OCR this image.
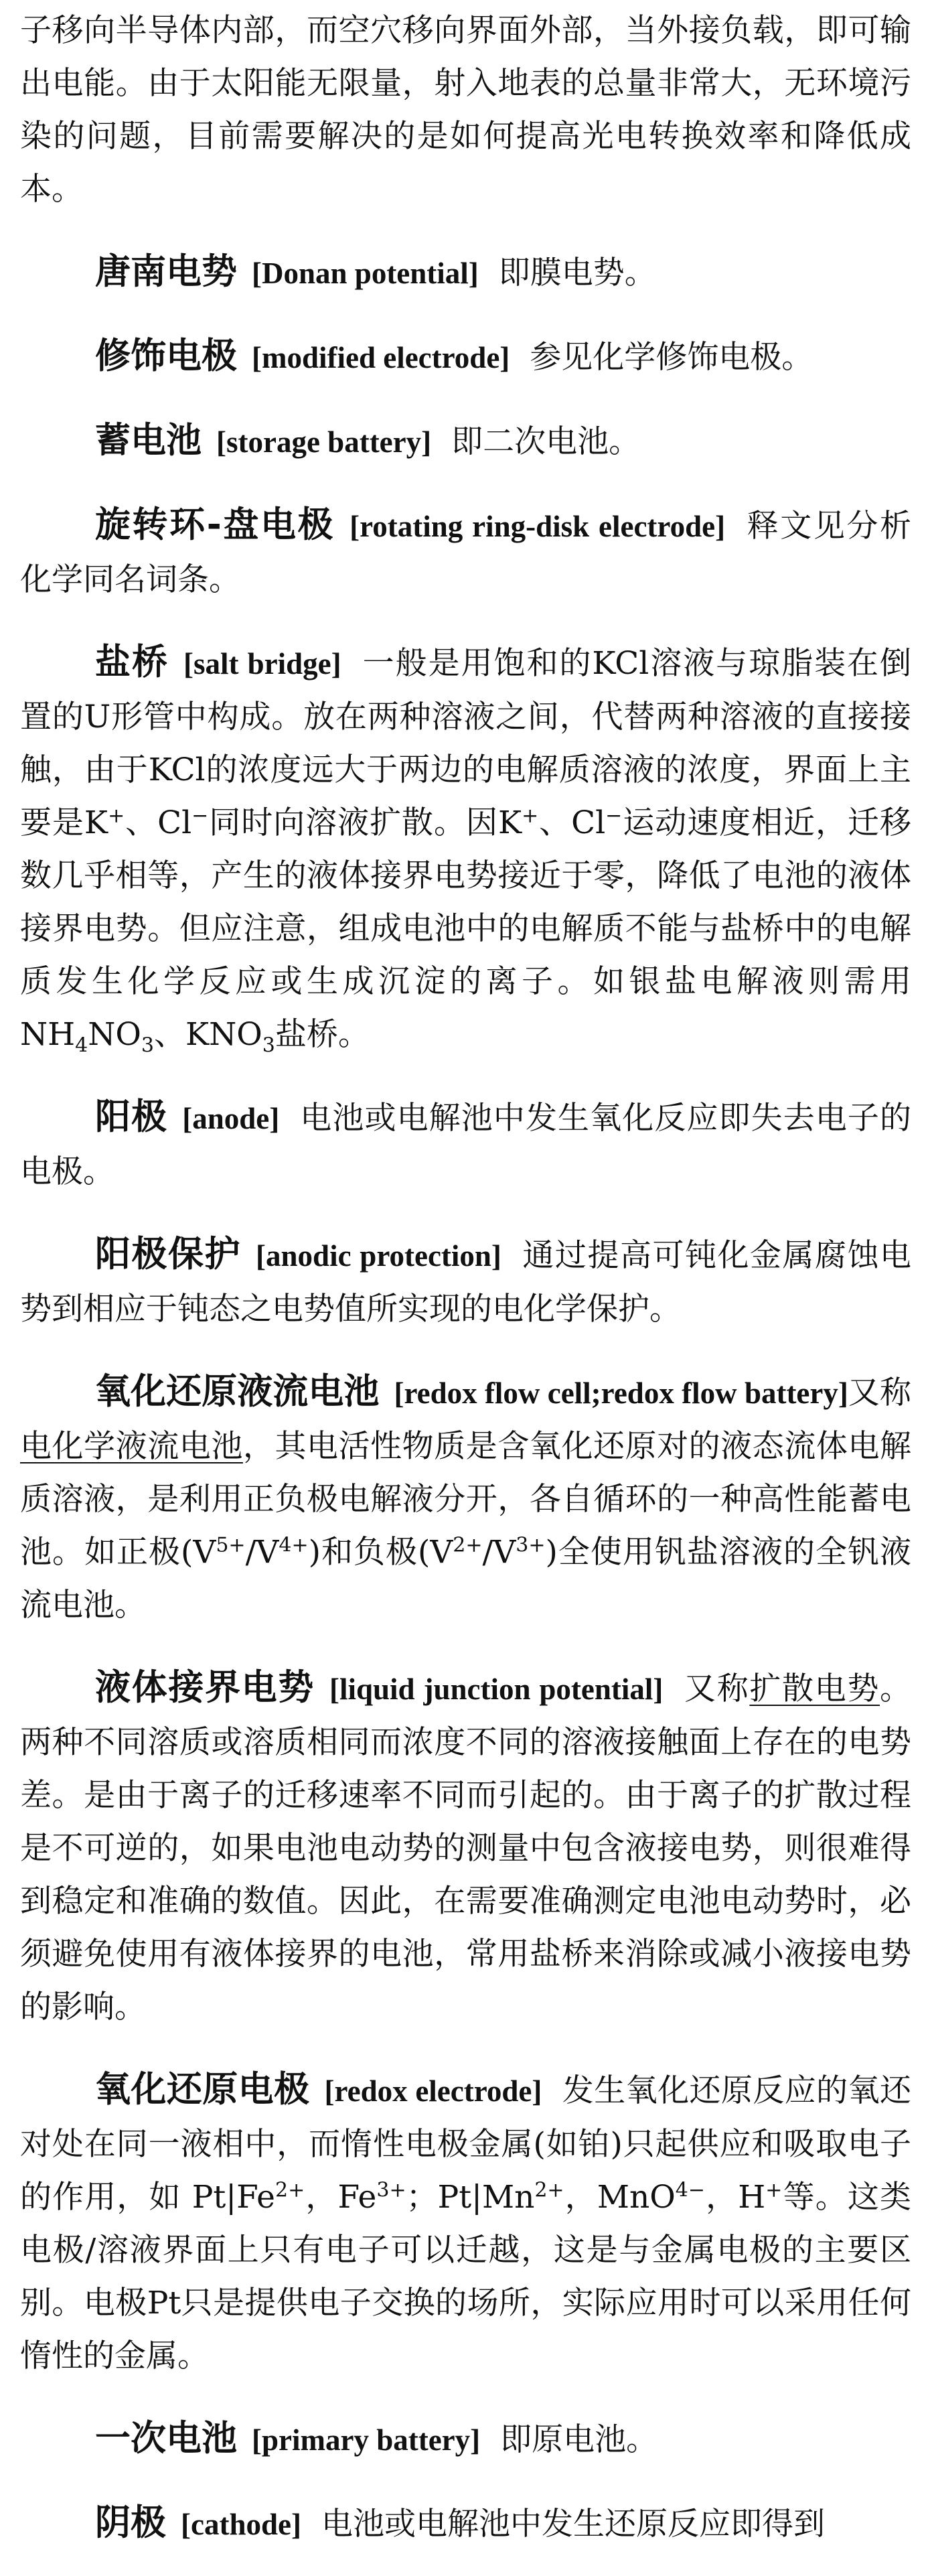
子移向半导体内部，而空穴移向界面外部，当外接负载，即可输出电能。由于太阳能无限量，射入地表的总量非常大，无环境污染的问题，目前需要解决的是如何提高光电转换效率和降低成本。

唐南电势 [Donan potential] 即膜电势。

修饰电极 [modified electrode] 参见化学修饰电极。

蓄电池 [storage battery] 即二次电池。

旋转环-盘电极 [rotating ring-disk electrode] 释文见分析化学同名词条。

盐桥 [salt bridge] 一般是用饱和的KCl溶液与琼脂装在倒置的U形管中构成。放在两种溶液之间，代替两种溶液的直接接触，由于KCl的浓度远大于两边的电解质溶液的浓度，界面上主要是K+、Cl−同时向溶液扩散。因K+、Cl−运动速度相近，迁移数几乎相等，产生的液体接界电势接近于零，降低了电池的液体接界电势。但应注意，组成电池中的电解质不能与盐桥中的电解质发生化学反应或生成沉淀的离子。如银盐电解液则需用$NH_4NO_3$、$KNO_3$盐桥。

阳极 [anode] 电池或电解池中发生氧化反应即失去电子的电极。

阳极保护 [anodic protection] 通过提高可钝化金属腐蚀电势到相应于钝态之电势值所实现的电化学保护。

氧化还原液流电池 [redox flow cell;redox flow battery]又称电化学液流电池，其电活性物质是含氧化还原对的液态流体电解质溶液，是利用正负极电解液分开，各自循环的一种高性能蓄电池。如正极$(V^{5+}/V^{4+})$和负极$(V^{2+}/V^{3+})$全使用钒盐溶液的全钒液流电池。

液体接界电势 [liquid junction potential] 又称扩散电势。两种不同溶质或溶质相同而浓度不同的溶液接触面上存在的电势差。是由于离子的迁移速率不同而引起的。由于离子的扩散过程是不可逆的，如果电池电动势的测量中包含液接电势，则很难得到稳定和准确的数值。因此，在需要准确测定电池电动势时，必须避免使用有液体接界的电池，常用盐桥来消除或减小液接电势的影响。

氧化还原电极 [redox electrode] 发生氧化还原反应的氧还对处在同一液相中，而惰性电极金属(如铂)只起供应和吸取电子的作用，如 $Pt|Fe^{2+}$，$Fe^{3+}$；$Pt|Mn^{2+}$，MnO$^{4-}$，H+等。这类电极/溶液界面上只有电子可以迁越，这是与金属电极的主要区别。电极Pt只是提供电子交换的场所，实际应用时可以采用任何惰性的金属。

一次电池 [primary battery] 即原电池。

阴极 [cathode] 电池或电解池中发生还原反应即得到
